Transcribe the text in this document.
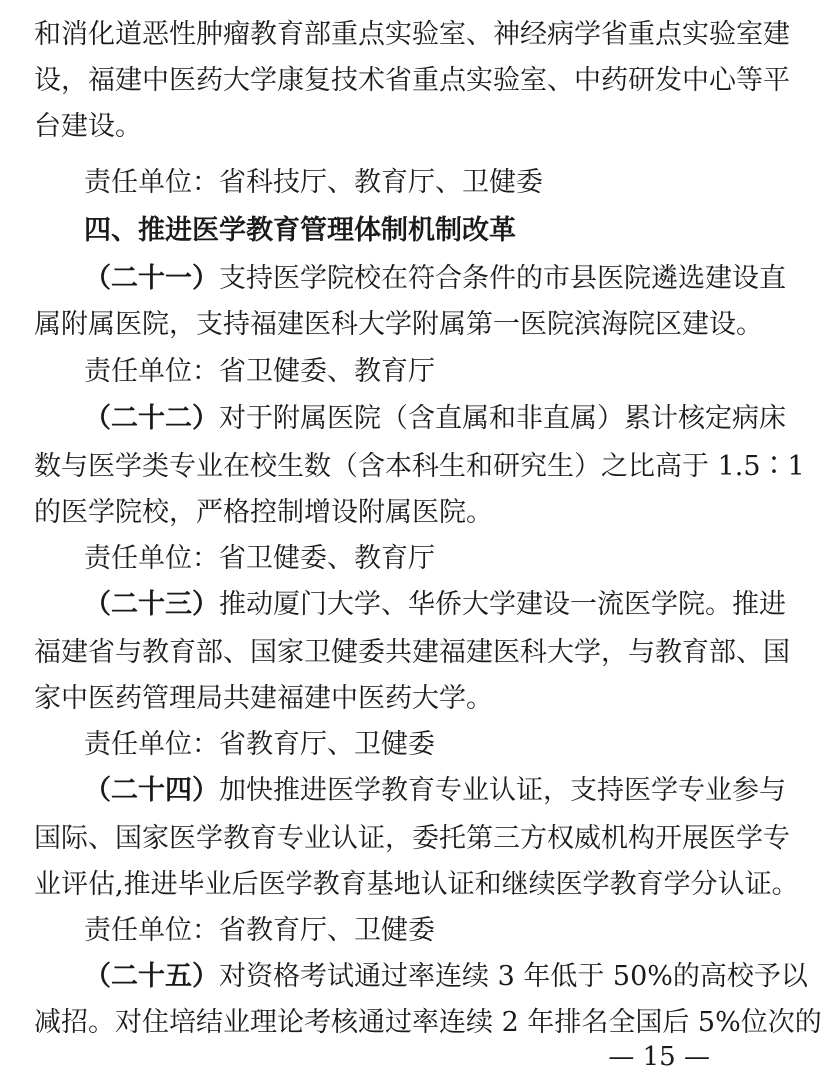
和消化道恶性肿瘤教育部重点实验室、神经病学省重点实验室建
设，福建中医药大学康复技术省重点实验室、中药研发中心等平
台建设。
责任单位：省科技厅、教育厅、卫健委
四、推进医学教育管理体制机制改革
（二十一）支持医学院校在符合条件的市县医院遴选建设直
属附属医院，支持福建医科大学附属第一医院滨海院区建设。
责任单位：省卫健委、教育厅
（二十二）对于附属医院（含直属和非直属）累计核定病床
数与医学类专业在校生数（含本科生和研究生）之比高于 1.5∶1
的医学院校，严格控制增设附属医院。
责任单位：省卫健委、教育厅
（二十三）推动厦门大学、华侨大学建设一流医学院。推进
福建省与教育部、国家卫健委共建福建医科大学，与教育部、国
家中医药管理局共建福建中医药大学。
责任单位：省教育厅、卫健委
（二十四）加快推进医学教育专业认证，支持医学专业参与
国际、国家医学教育专业认证，委托第三方权威机构开展医学专
业评估,推进毕业后医学教育基地认证和继续医学教育学分认证。
责任单位：省教育厅、卫健委
（二十五）对资格考试通过率连续 3 年低于 50%的高校予以
减招。对住培结业理论考核通过率连续 2 年排名全国后 5%位次的
— 15 —
